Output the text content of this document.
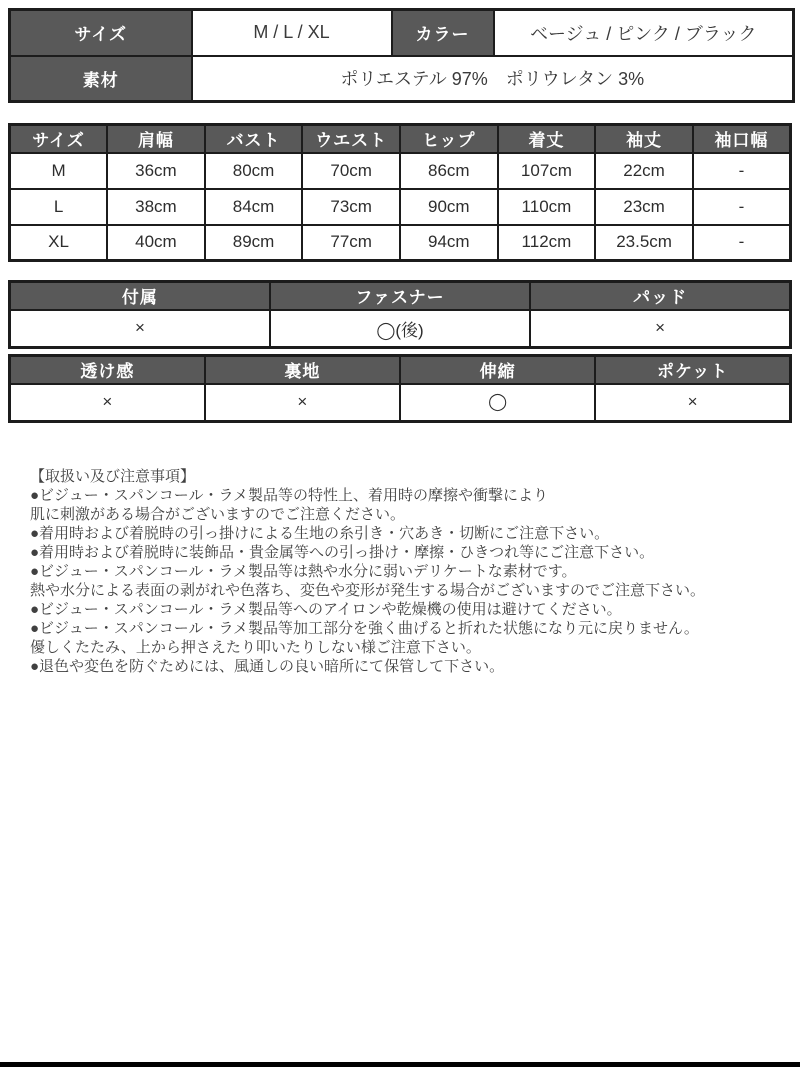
サイズ	M / L / XL	カラー	ベージュ / ピンク / ブラック
素材	ポリエステル 97%　ポリウレタン 3%		
サイズ	肩幅	バスト	ウエスト	ヒップ	着丈	袖丈	袖口幅
M	36cm	80cm	70cm	86cm	107cm	22cm	-
L	38cm	84cm	73cm	90cm	110cm	23cm	-
XL	40cm	89cm	77cm	94cm	112cm	23.5cm	-
付属	ファスナー	パッド
×	◯(後)	×
透け感	裏地	伸縮	ポケット
×	×	◯	×
【取扱い及び注意事項】
●ビジュー・スパンコール・ラメ製品等の特性上、着用時の摩擦や衝撃により
肌に刺激がある場合がございますのでご注意ください。
●着用時および着脱時の引っ掛けによる生地の糸引き・穴あき・切断にご注意下さい。
●着用時および着脱時に装飾品・貴金属等への引っ掛け・摩擦・ひきつれ等にご注意下さい。
●ビジュー・スパンコール・ラメ製品等は熱や水分に弱いデリケートな素材です。
熱や水分による表面の剥がれや色落ち、変色や変形が発生する場合がございますのでご注意下さい。
●ビジュー・スパンコール・ラメ製品等へのアイロンや乾燥機の使用は避けてください。
●ビジュー・スパンコール・ラメ製品等加工部分を強く曲げると折れた状態になり元に戻りません。
優しくたたみ、上から押さえたり叩いたりしない様ご注意下さい。
●退色や変色を防ぐためには、風通しの良い暗所にて保管して下さい。
